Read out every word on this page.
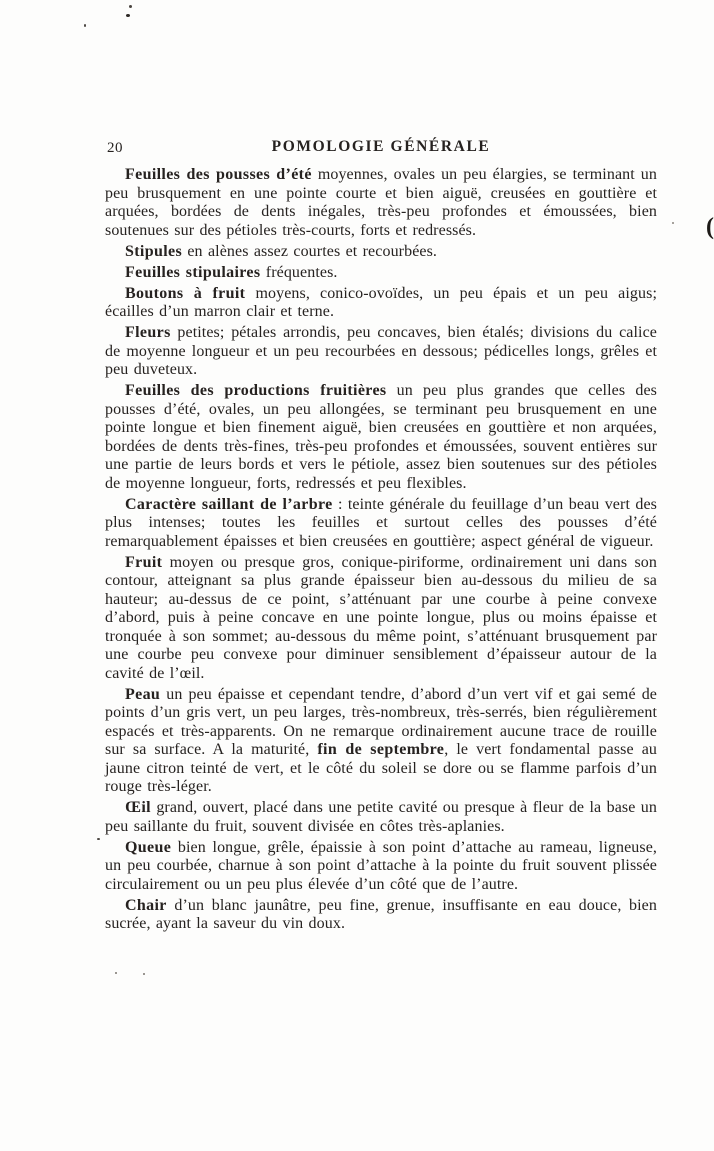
20	POMOLOGIE GÉNÉRALE

Feuilles des pousses d’été moyennes, ovales un peu élargies, se terminant un peu brusquement en une pointe courte et bien aiguë, creusées en gouttière et arquées, bordées de dents inégales, très-peu profondes et émoussées, bien soutenues sur des pétioles très-courts, forts et redressés.

Stipules en alènes assez courtes et recourbées.

Feuilles stipulaires fréquentes.

Boutons à fruit moyens, conico-ovoïdes, un peu épais et un peu aigus; écailles d’un marron clair et terne.

Fleurs petites; pétales arrondis, peu concaves, bien étalés; divisions du calice de moyenne longueur et un peu recourbées en dessous; pédicelles longs, grêles et peu duveteux.

Feuilles des productions fruitières un peu plus grandes que celles des pousses d’été, ovales, un peu allongées, se terminant peu brusquement en une pointe longue et bien finement aiguë, bien creusées en gouttière et non arquées, bordées de dents très-fines, très-peu profondes et émoussées, souvent entières sur une partie de leurs bords et vers le pétiole, assez bien soutenues sur des pétioles de moyenne longueur, forts, redressés et peu flexibles.

Caractère saillant de l’arbre : teinte générale du feuillage d’un beau vert des plus intenses; toutes les feuilles et surtout celles des pousses d’été remarquablement épaisses et bien creusées en gouttière; aspect général de vigueur.

Fruit moyen ou presque gros, conique-piriforme, ordinairement uni dans son contour, atteignant sa plus grande épaisseur bien au-dessous du milieu de sa hauteur; au-dessus de ce point, s’atténuant par une courbe à peine convexe d’abord, puis à peine concave en une pointe longue, plus ou moins épaisse et tronquée à son sommet; au-dessous du même point, s’atténuant brusquement par une courbe peu convexe pour diminuer sensiblement d’épaisseur autour de la cavité de l’œil.

Peau un peu épaisse et cependant tendre, d’abord d’un vert vif et gai semé de points d’un gris vert, un peu larges, très-nombreux, très-serrés, bien régulièrement espacés et très-apparents. On ne remarque ordinairement aucune trace de rouille sur sa surface. A la maturité, fin de septembre, le vert fondamental passe au jaune citron teinté de vert, et le côté du soleil se dore ou se flamme parfois d’un rouge très-léger.

Œil grand, ouvert, placé dans une petite cavité ou presque à fleur de la base un peu saillante du fruit, souvent divisée en côtes très-aplanies.

Queue bien longue, grêle, épaissie à son point d’attache au rameau, ligneuse, un peu courbée, charnue à son point d’attache à la pointe du fruit souvent plissée circulairement ou un peu plus élevée d’un côté que de l’autre.

Chair d’un blanc jaunâtre, peu fine, grenue, insuffisante en eau douce, bien sucrée, ayant la saveur du vin doux.

(
